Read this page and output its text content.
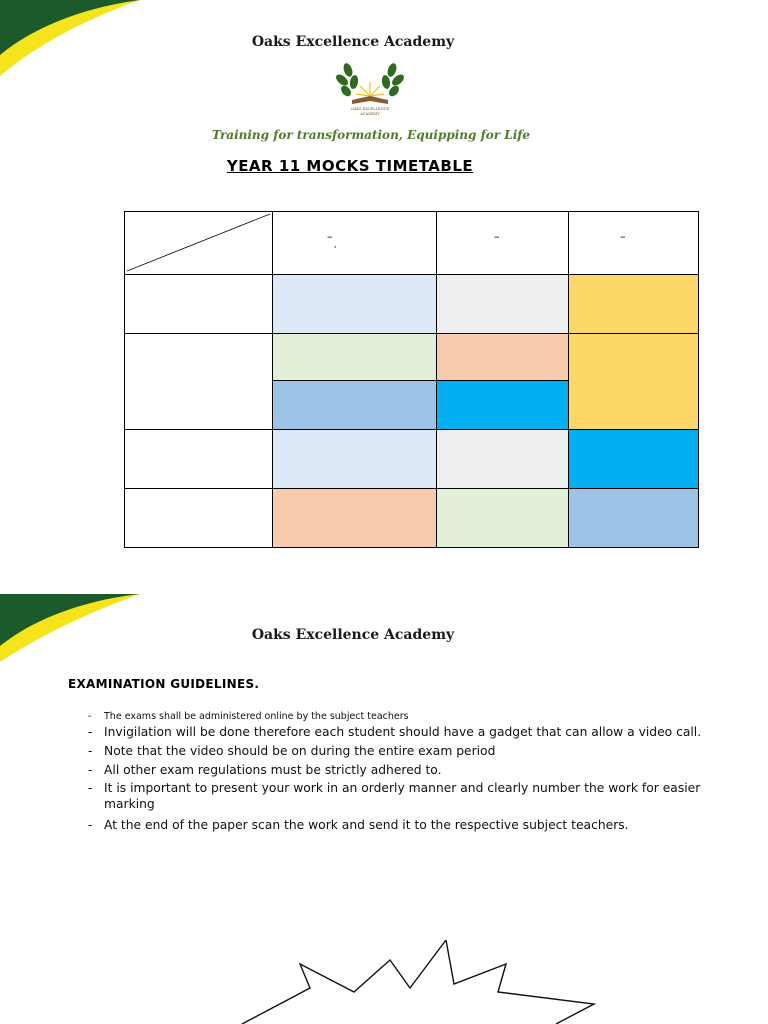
Oaks Excellence Academy
OAKS EXCELLENCE
ACADEMY
Training for transformation, Equipping for Life
YEAR 11 MOCKS TIMETABLE
–
,
–	–
Oaks Excellence Academy
EXAMINATION GUIDELINES.
- The exams shall be administered online by the subject teachers
- Invigilation will be done therefore each student should have a gadget that can allow a video call.
- Note that the video should be on during the entire exam period
- All other exam regulations must be strictly adhered to.
- It is important to present your work in an orderly manner and clearly number the work for easier marking
- At the end of the paper scan the work and send it to the respective subject teachers.
